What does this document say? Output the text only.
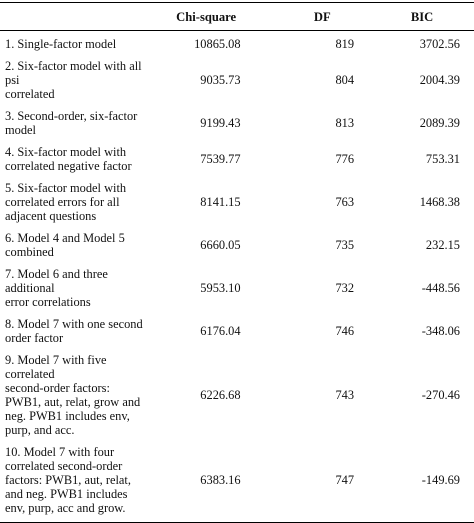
	Chi-square	DF	BIC

1. Single-factor model	10865.08	819	3702.56

2. Six-factor model with all psi
correlated	9035.73	804	2004.39

3. Second-order, six-factor
model	9199.43	813	2089.39

4. Six-factor model with
correlated negative factor	7539.77	776	753.31

5. Six-factor model with
correlated errors for all
adjacent questions	8141.15	763	1468.38

6. Model 4 and Model 5
combined	6660.05	735	232.15

7. Model 6 and three additional
error correlations	5953.10	732	-448.56

8. Model 7 with one second
order factor	6176.04	746	-348.06

9. Model 7 with five correlated
second-order factors:
PWB1, aut, relat, grow and
neg. PWB1 includes env,
purp, and acc.	6226.68	743	-270.46

10. Model 7 with four
correlated second-order
factors: PWB1, aut, relat,
and neg. PWB1 includes
env, purp, acc and grow.	6383.16	747	-149.69
